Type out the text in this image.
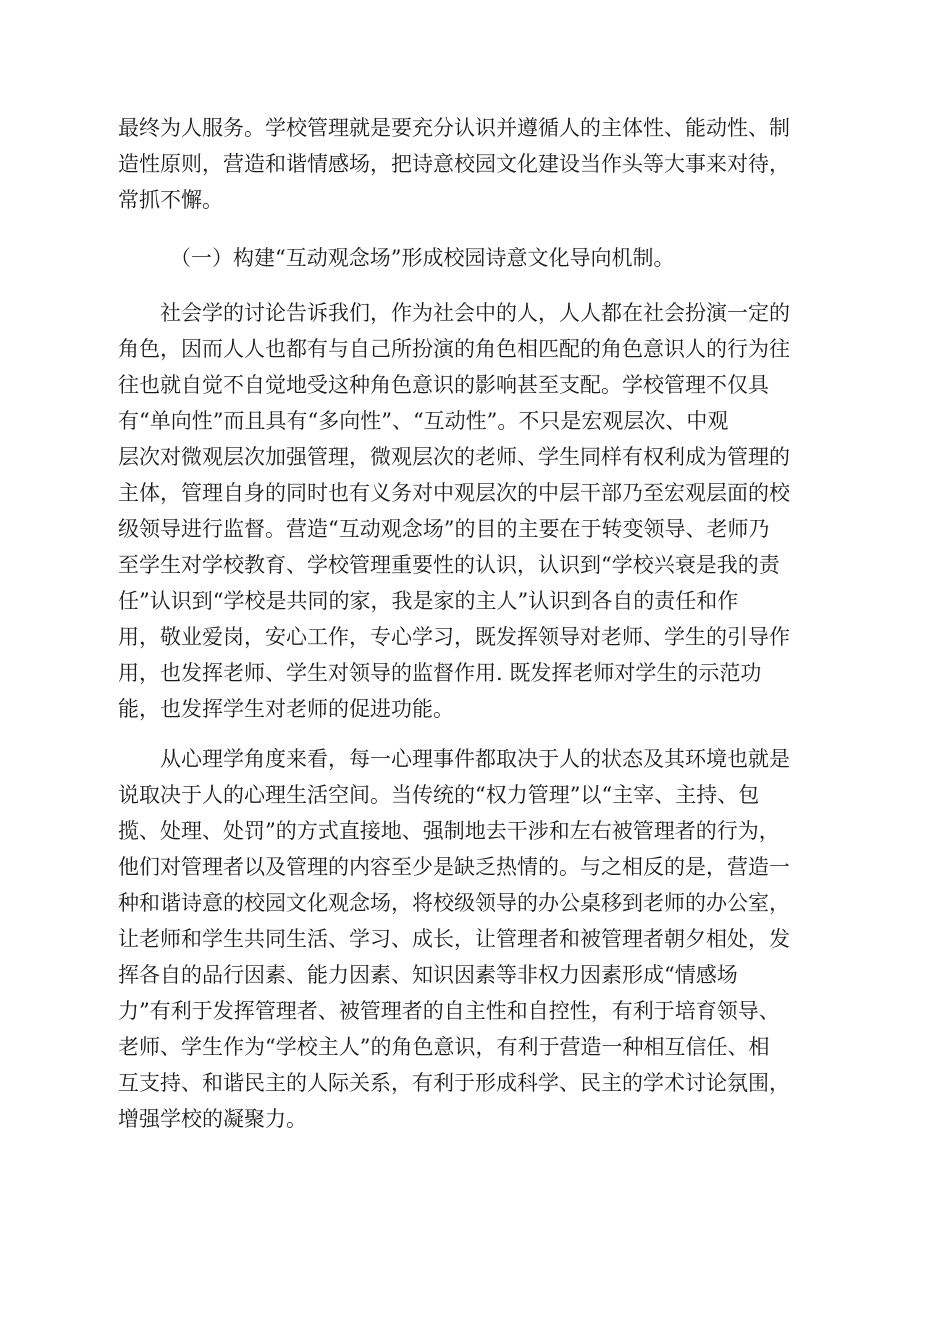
最终为人服务。学校管理就是要充分认识并遵循人的主体性、能动性、制
造性原则，营造和谐情感场，把诗意校园文化建设当作头等大事来对待，
常抓不懈。
（一）构建“互动观念场”形成校园诗意文化导向机制。
　　社会学的讨论告诉我们，作为社会中的人，人人都在社会扮演一定的
角色，因而人人也都有与自己所扮演的角色相匹配的角色意识人的行为往
往也就自觉不自觉地受这种角色意识的影响甚至支配。学校管理不仅具
有“单向性”而且具有“多向性”、“互动性”。不只是宏观层次、中观
层次对微观层次加强管理，微观层次的老师、学生同样有权利成为管理的
主体，管理自身的同时也有义务对中观层次的中层干部乃至宏观层面的校
级领导进行监督。营造“互动观念场”的目的主要在于转变领导、老师乃
至学生对学校教育、学校管理重要性的认识，认识到“学校兴衰是我的责
任”认识到“学校是共同的家，我是家的主人”认识到各自的责任和作
用，敬业爱岗，安心工作，专心学习，既发挥领导对老师、学生的引导作
用，也发挥老师、学生对领导的监督作用. 既发挥老师对学生的示范功
能，也发挥学生对老师的促进功能。
　　从心理学角度来看，每一心理事件都取决于人的状态及其环境也就是
说取决于人的心理生活空间。当传统的“权力管理”以“主宰、主持、包
揽、处理、处罚”的方式直接地、强制地去干涉和左右被管理者的行为，
他们对管理者以及管理的内容至少是缺乏热情的。与之相反的是，营造一
种和谐诗意的校园文化观念场，将校级领导的办公桌移到老师的办公室，
让老师和学生共同生活、学习、成长，让管理者和被管理者朝夕相处，发
挥各自的品行因素、能力因素、知识因素等非权力因素形成“情感场
力”有利于发挥管理者、被管理者的自主性和自控性，有利于培育领导、
老师、学生作为“学校主人”的角色意识，有利于营造一种相互信任、相
互支持、和谐民主的人际关系，有利于形成科学、民主的学术讨论氛围，
增强学校的凝聚力。
